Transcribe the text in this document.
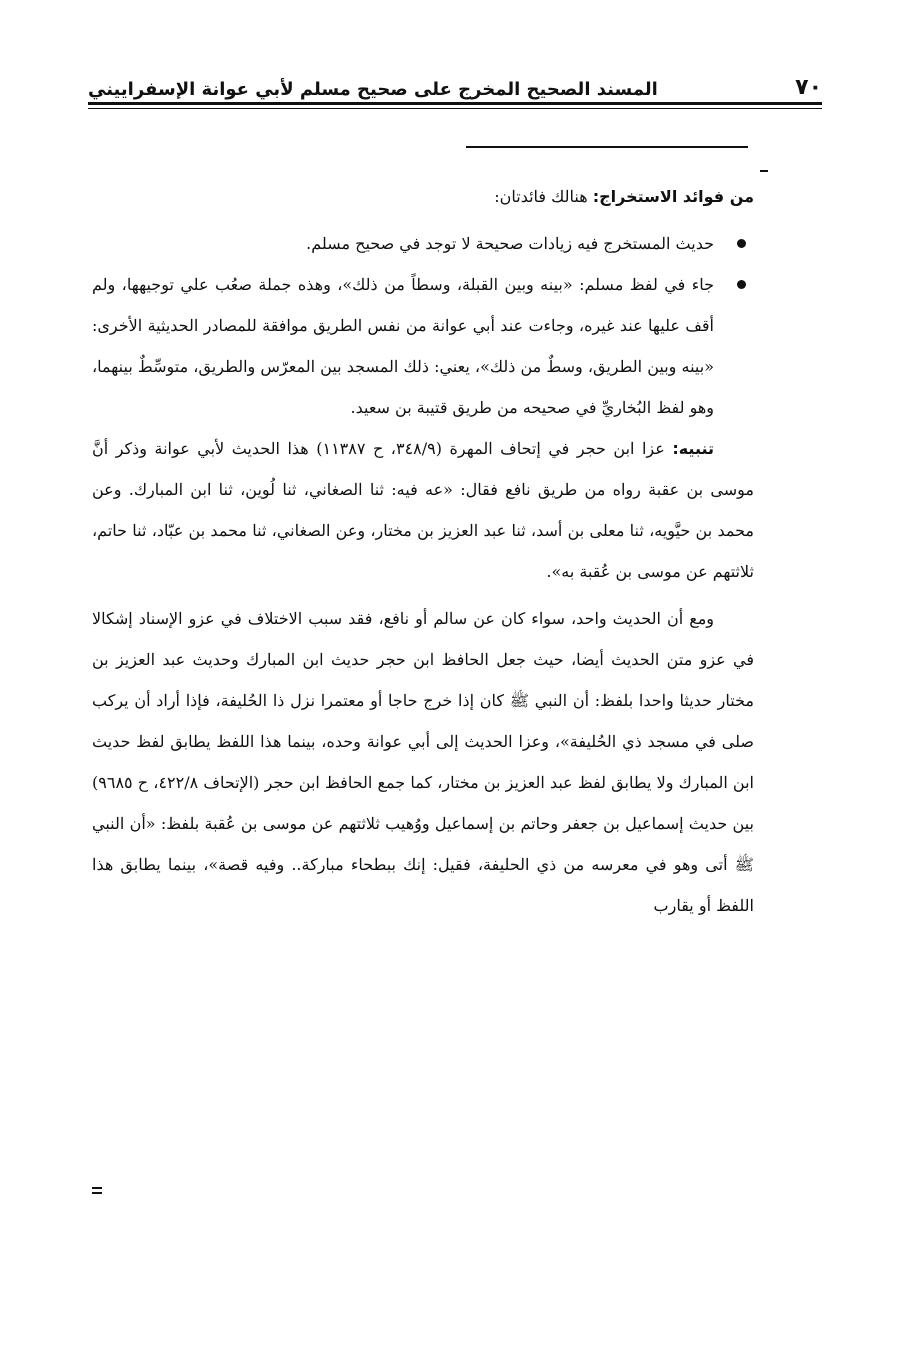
٧٠
المسند الصحيح المخرج على صحيح مسلم لأبي عوانة الإسفراييني

من فوائد الاستخراج: هنالك فائدتان:

حديث المستخرج فيه زيادات صحيحة لا توجد في صحيح مسلم.
جاء في لفظ مسلم: «بينه وبين القبلة، وسطاً من ذلك»، وهذه جملة صعُب علي توجيهها، ولم أقف عليها عند غيره، وجاءت عند أبي عوانة من نفس الطريق موافقة للمصادر الحديثية الأخرى: «بينه وبين الطريق، وسطٌ من ذلك»، يعني: ذلك المسجد بين المعرّس والطريق، متوسِّطٌ بينهما، وهو لفظ البُخاريِّ في صحيحه من طريق قتيبة بن سعيد.

تنبيه: عزا ابن حجر في إتحاف المهرة (٣٤٨/٩، ح ١١٣٨٧) هذا الحديث لأبي عوانة وذكر أنَّ موسى بن عقبة رواه من طريق نافع فقال: «عه فيه: ثنا الصغاني، ثنا لُوين، ثنا ابن المبارك. وعن محمد بن حيَّويه، ثنا معلى بن أسد، ثنا عبد العزيز بن مختار، وعن الصغاني، ثنا محمد بن عبّاد، ثنا حاتم، ثلاثتهم عن موسى بن عُقبة به».

ومع أن الحديث واحد، سواء كان عن سالم أو نافع، فقد سبب الاختلاف في عزو الإسناد إشكالا في عزو متن الحديث أيضا، حيث جعل الحافظ ابن حجر حديث ابن المبارك وحديث عبد العزيز بن مختار حديثا واحدا بلفظ: أن النبي ﷺ كان إذا خرج حاجا أو معتمرا نزل ذا الحُليفة، فإذا أراد أن يركب صلى في مسجد ذي الحُليفة»، وعزا الحديث إلى أبي عوانة وحده، بينما هذا اللفظ يطابق لفظ حديث ابن المبارك ولا يطابق لفظ عبد العزيز بن مختار، كما جمع الحافظ ابن حجر (الإتحاف ٤٢٢/٨، ح ٩٦٨٥) بين حديث إسماعيل بن جعفر وحاتم بن إسماعيل ووُهيب ثلاثتهم عن موسى بن عُقبة بلفظ: «أن النبي ﷺ أتى وهو في معرسه من ذي الحليفة، فقيل: إنك ببطحاء مباركة.. وفيه قصة»، بينما يطابق هذا اللفظ أو يقارب
